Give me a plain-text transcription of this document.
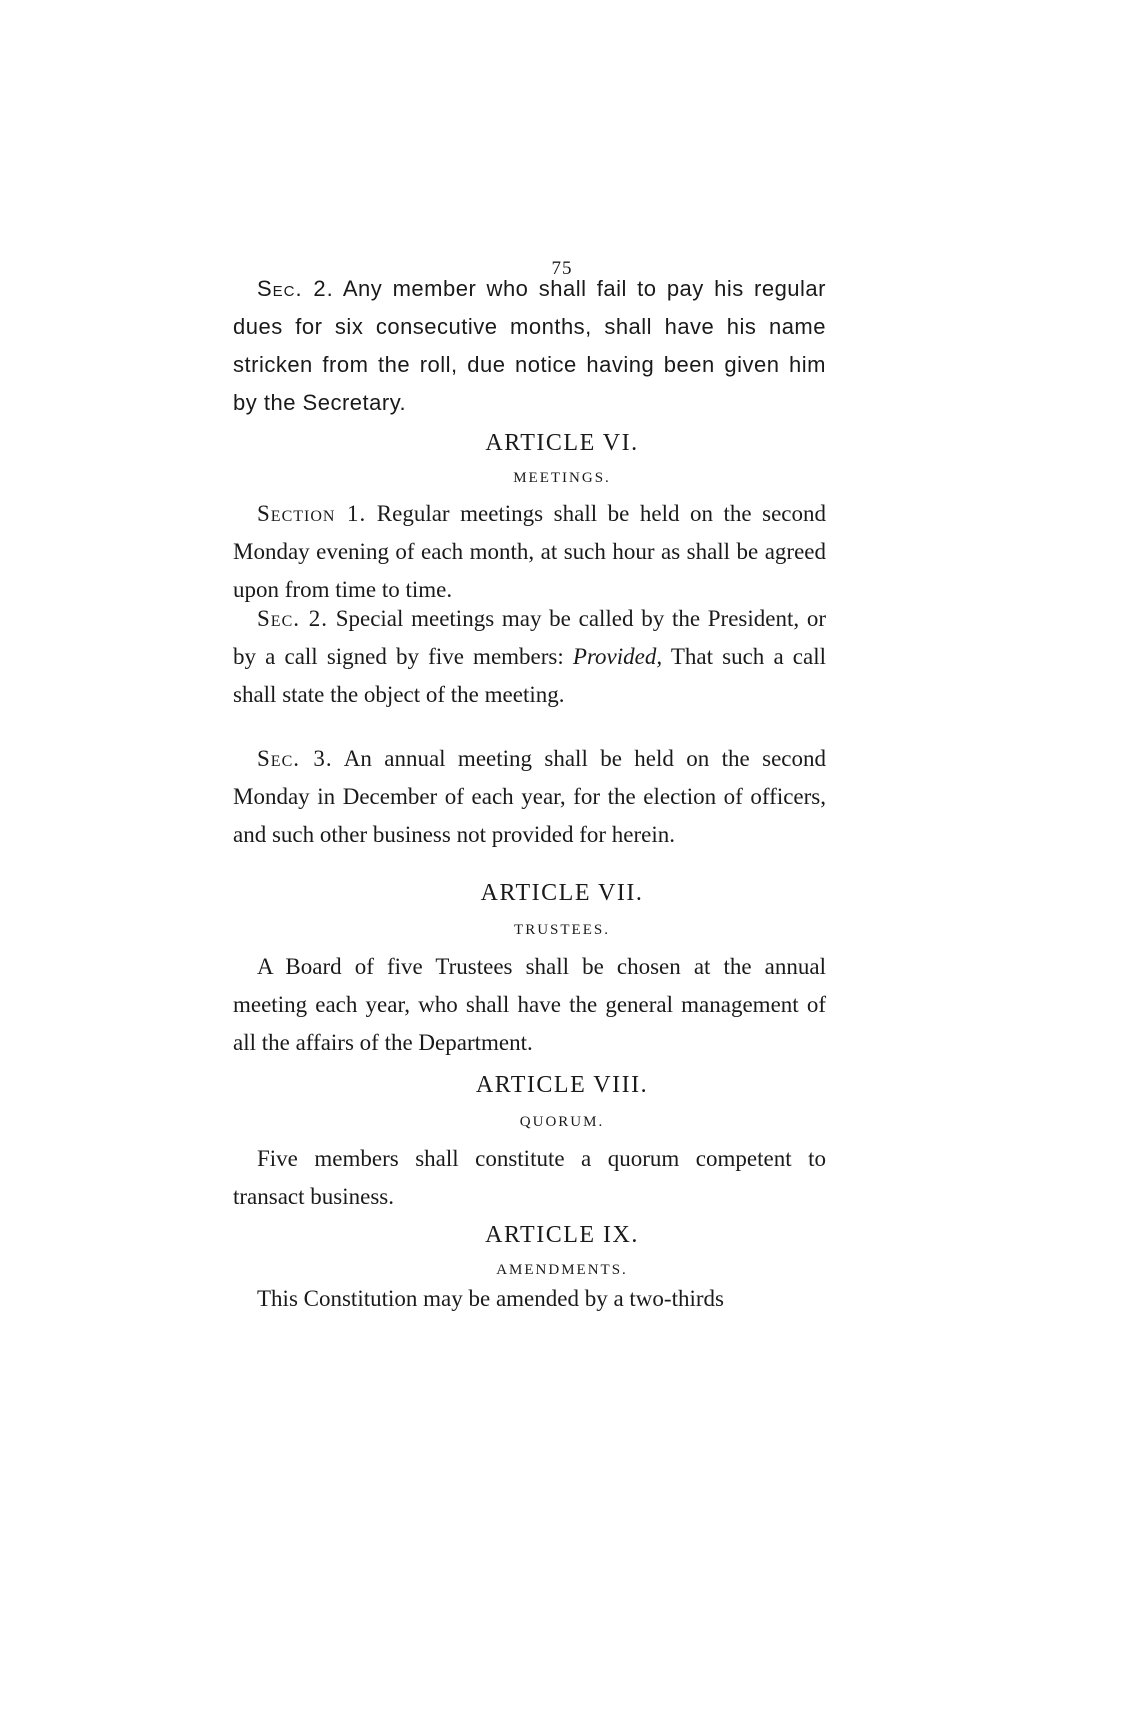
75

Sec. 2. Any member who shall fail to pay his regular dues for six consecutive months, shall have his name stricken from the roll, due notice having been given him by the Secretary.

ARTICLE VI.
MEETINGS.

Section 1. Regular meetings shall be held on the second Monday evening of each month, at such hour as shall be agreed upon from time to time.

Sec. 2. Special meetings may be called by the President, or by a call signed by five members: Provided, That such a call shall state the object of the meeting.

Sec. 3. An annual meeting shall be held on the second Monday in December of each year, for the election of officers, and such other business not provided for herein.

ARTICLE VII.
TRUSTEES.

A Board of five Trustees shall be chosen at the annual meeting each year, who shall have the general management of all the affairs of the Department.

ARTICLE VIII.
QUORUM.

Five members shall constitute a quorum competent to transact business.

ARTICLE IX.
AMENDMENTS.

This Constitution may be amended by a two-thirds
